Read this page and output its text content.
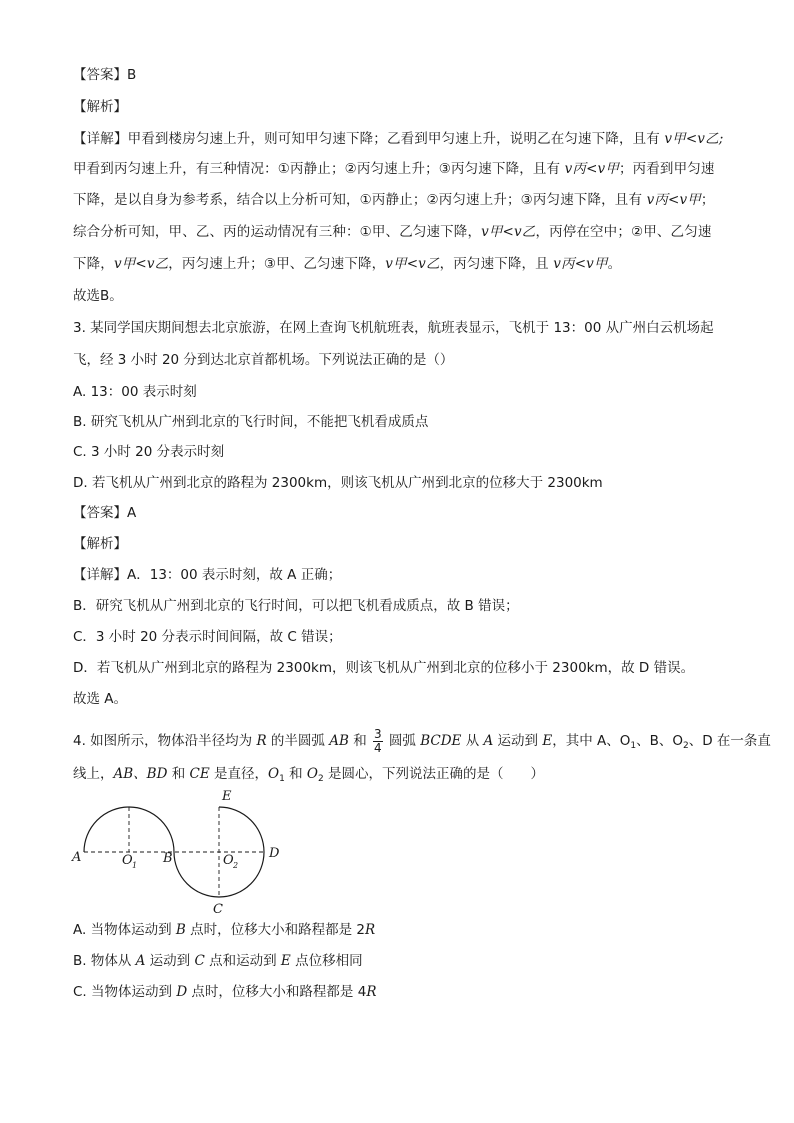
【答案】B
【解析】
【详解】甲看到楼房匀速上升，则可知甲匀速下降；乙看到甲匀速上升，说明乙在匀速下降，且有 v甲<v乙;
甲看到丙匀速上升，有三种情况：①丙静止；②丙匀速上升；③丙匀速下降，且有 v丙<v甲；丙看到甲匀速
下降，是以自身为参考系，结合以上分析可知，①丙静止；②丙匀速上升；③丙匀速下降，且有 v丙<v甲；
综合分析可知，甲、乙、丙的运动情况有三种：①甲、乙匀速下降，v甲<v乙，丙停在空中；②甲、乙匀速
下降，v甲<v乙，丙匀速上升；③甲、乙匀速下降，v甲<v乙，丙匀速下降，且 v丙<v甲。
故选B。
3. 某同学国庆期间想去北京旅游，在网上查询飞机航班表，航班表显示，飞机于 13：00 从广州白云机场起
飞，经 3 小时 20 分到达北京首都机场。下列说法正确的是（）
A. 13：00 表示时刻
B. 研究飞机从广州到北京的飞行时间，不能把飞机看成质点
C. 3 小时 20 分表示时刻
D. 若飞机从广州到北京的路程为 2300km，则该飞机从广州到北京的位移大于 2300km
【答案】A
【解析】
【详解】A．13：00 表示时刻，故 A 正确；
B．研究飞机从广州到北京的飞行时间，可以把飞机看成质点，故 B 错误；
C．3 小时 20 分表示时间间隔，故 C 错误；
D．若飞机从广州到北京的路程为 2300km，则该飞机从广州到北京的位移小于 2300km，故 D 错误。
故选 A。
4. 如图所示，物体沿半径均为 R 的半圆弧 AB 和 $\frac{3}{4}$ 圆弧 BCDE 从 A 运动到 E，其中 A、$O_1$、B、$O_2$、D 在一条直
线上，AB、BD 和 CE 是直径，$O_1$ 和 $O_2$ 是圆心，下列说法正确的是（　　）
A	O 1 B	O 2
D
E
C
A. 当物体运动到 B 点时，位移大小和路程都是 2R
B. 物体从 A 运动到 C 点和运动到 E 点位移相同
C. 当物体运动到 D 点时，位移大小和路程都是 4R
